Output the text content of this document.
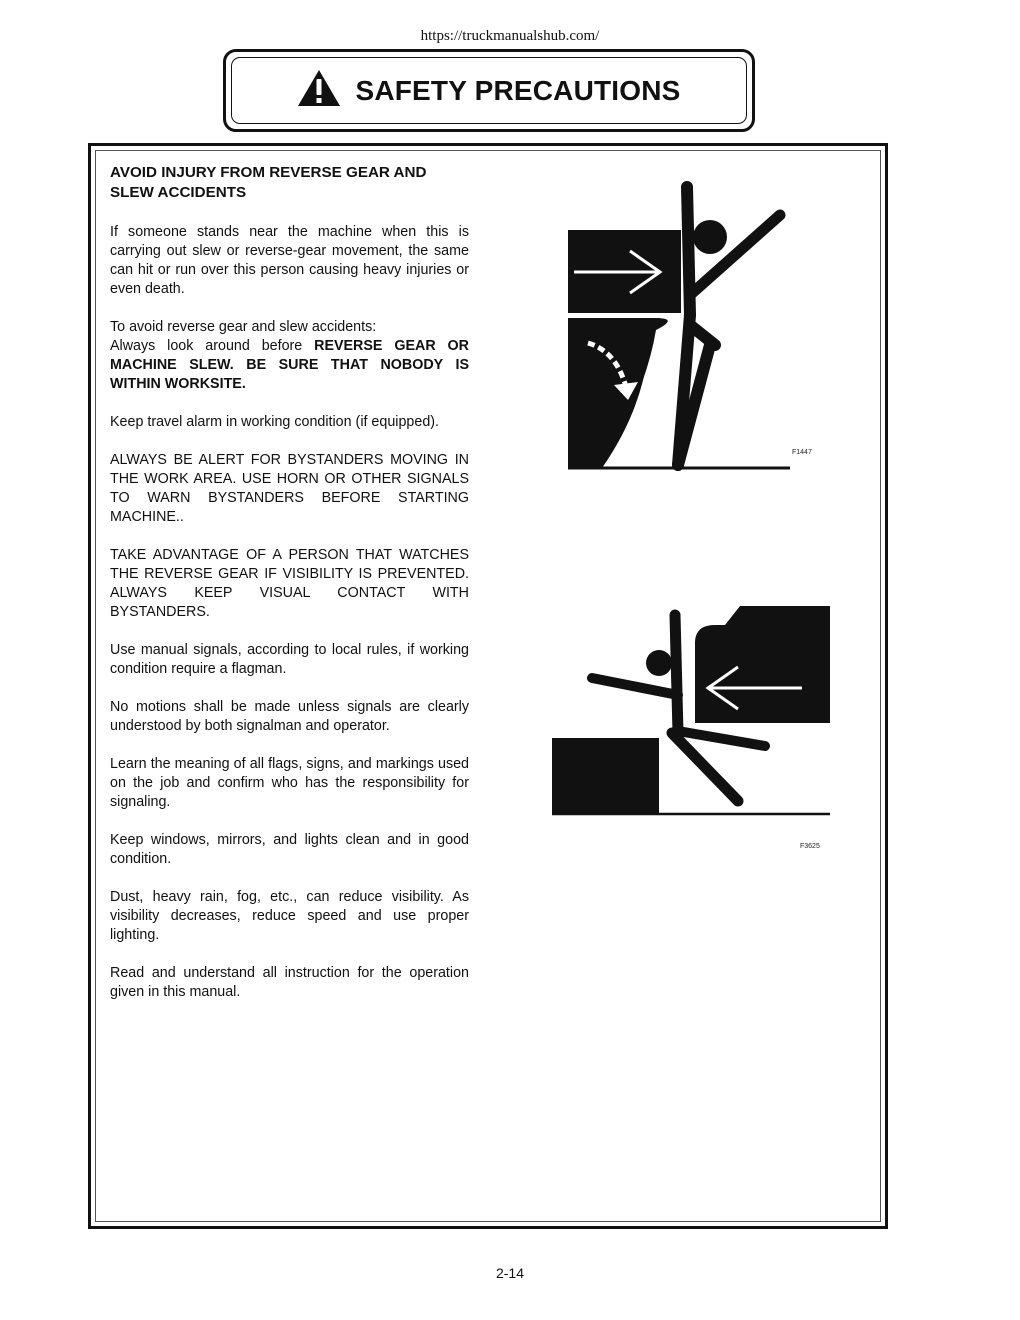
https://truckmanualshub.com/
SAFETY PRECAUTIONS
AVOID INJURY FROM REVERSE GEAR AND SLEW ACCIDENTS
If someone stands near the machine when this is carrying out slew or reverse-gear movement, the same can hit or run over this person causing heavy injuries or even death.
To avoid reverse gear and slew accidents:
Always look around before REVERSE GEAR OR MACHINE SLEW. BE SURE THAT NOBODY IS WITHIN WORKSITE.
Keep travel alarm in working condition (if equipped).
ALWAYS BE ALERT FOR BYSTANDERS MOVING IN THE WORK AREA. USE HORN OR OTHER SIGNALS TO WARN BYSTANDERS BEFORE STARTING MACHINE..
TAKE ADVANTAGE OF A PERSON THAT WATCHES THE REVERSE GEAR IF VISIBILITY IS PREVENTED. ALWAYS KEEP VISUAL CONTACT WITH BYSTANDERS.
Use manual signals, according to local rules, if working condition require a flagman.
No motions shall be made unless signals are clearly understood by both signalman and operator.
Learn the meaning of all flags, signs, and markings used on the job and confirm who has the responsibility for signaling.
Keep windows, mirrors, and lights clean and in good condition.
Dust, heavy rain, fog, etc., can reduce visibility. As visibility decreases, reduce speed and use proper lighting.
Read and understand all instruction for the operation given in this manual.
F1447
F3625
2-14
